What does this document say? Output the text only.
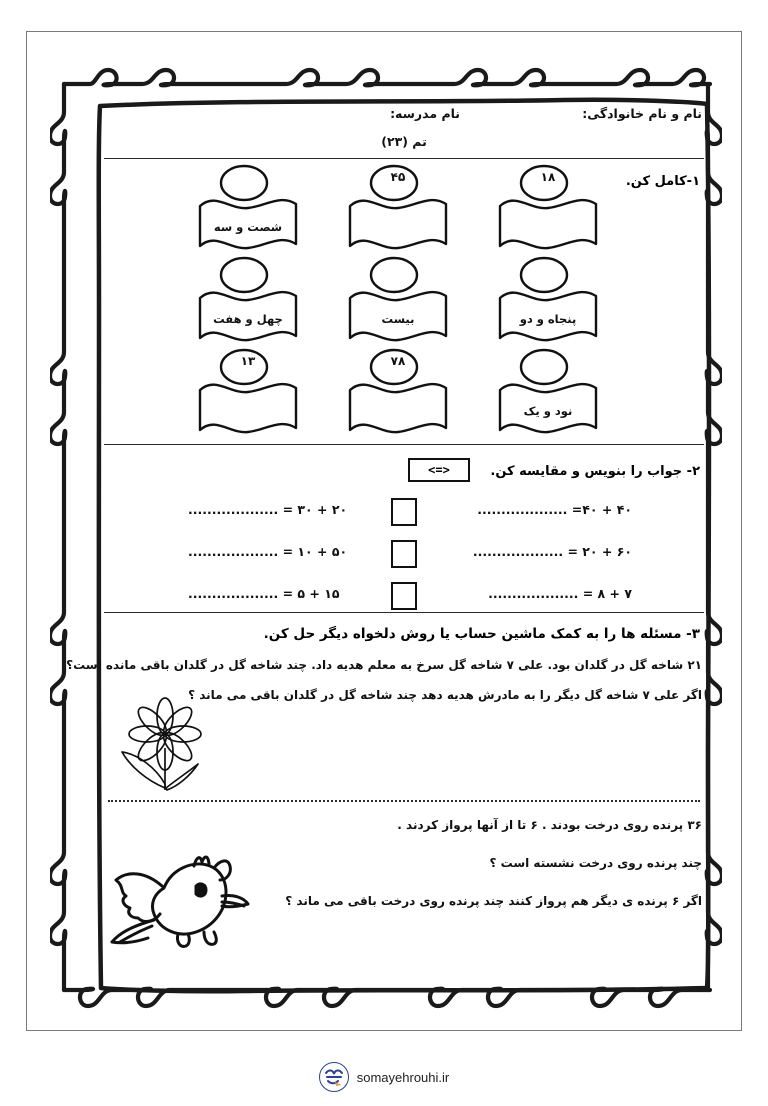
نام و نام خانوادگی:
نام مدرسه:
تم (۲۳)
۱-کامل کن.
۱۸
۴۵
شصت و سه
پنجاه و دو
بیست
چهل و هفت
نود و یک
۷۸
۱۳
۲- جواب را بنویس و مقایسه کن.
<=>
۴۰ + ۴۰= ...................
۲۰ + ۳۰ = ...................
۶۰ + ۲۰ = ...................
۵۰ + ۱۰ = ...................
۷ + ۸ = ...................
۱۵ + ۵ = ...................
۳- مسئله ها را به کمک ماشین حساب یا روش دلخواه دیگر حل کن.
۲۱ شاخه گل در گلدان بود. علی ۷ شاخه گل سرخ به معلم هدیه داد. چند شاخه گل در گلدان باقی مانده است؟
اگر علی ۷ شاخه گل دیگر را به مادرش هدیه دهد چند شاخه گل در گلدان باقی می ماند ؟
۳۶ پرنده روی درخت بودند . ۶ تا از آنها پرواز کردند .
چند پرنده روی درخت نشسته است ؟
اگر ۶ پرنده ی دیگر هم پرواز کنند چند پرنده روی درخت باقی می ماند ؟
somayehrouhi.ir
